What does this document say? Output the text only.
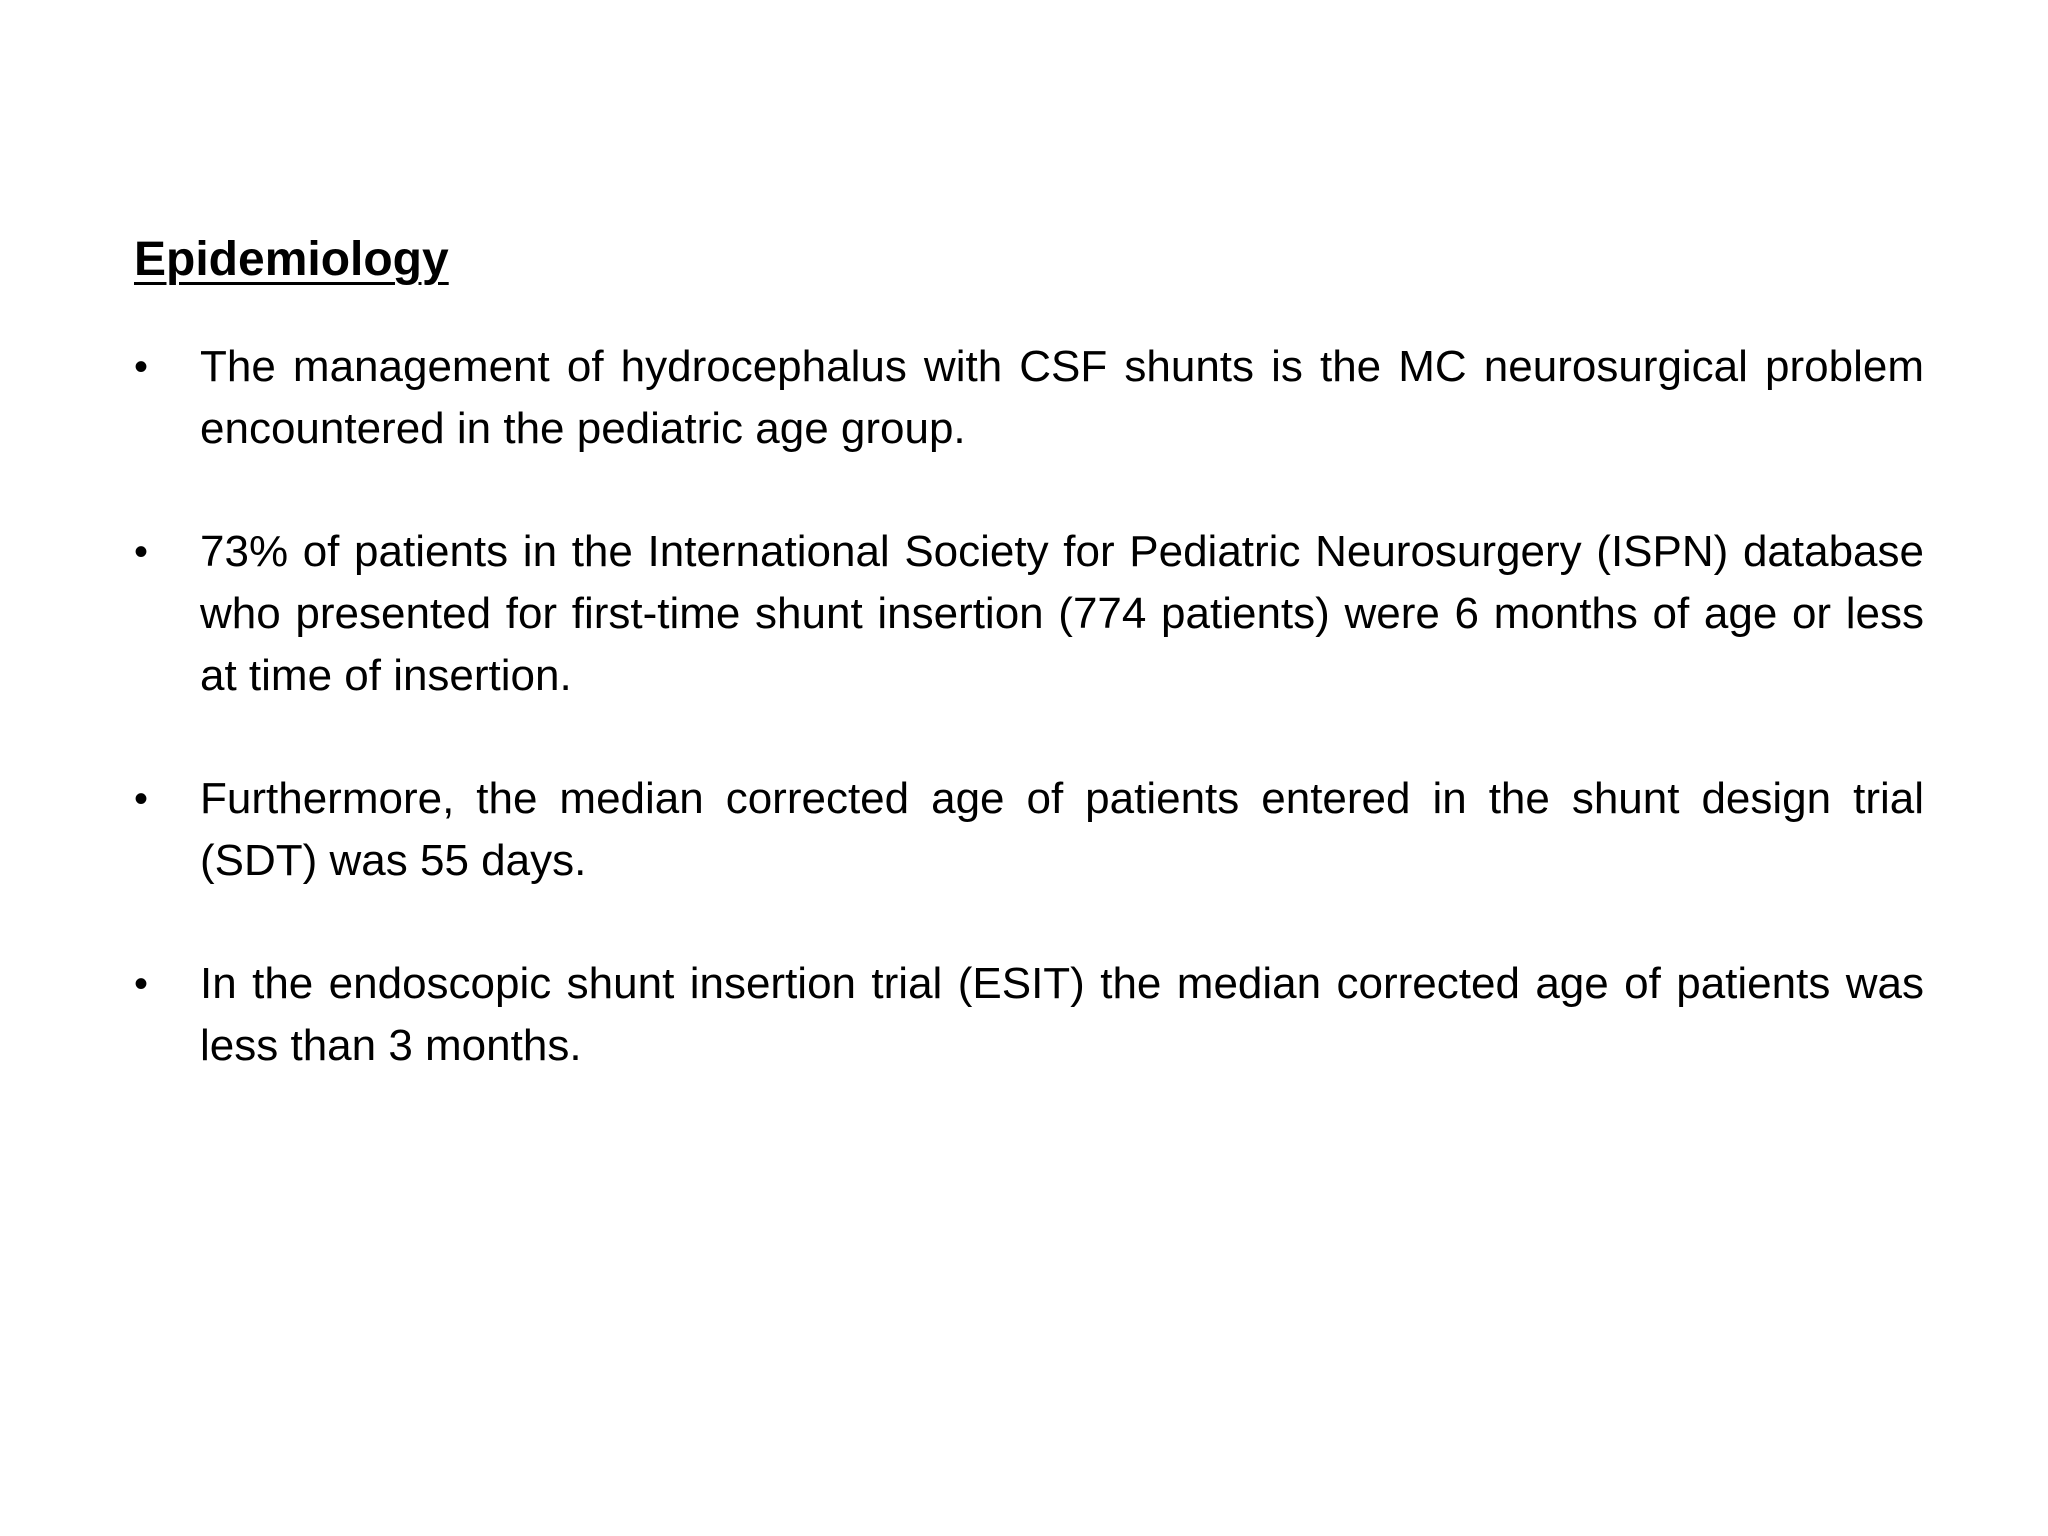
Epidemiology
•	The management of hydrocephalus with CSF shunts is the MC neurosurgical problem encountered in the pediatric age group.
•	73% of patients in the International Society for Pediatric Neurosurgery (ISPN) database who presented for first-time shunt insertion (774 patients) were 6 months of age or less at time of insertion.
•	Furthermore, the median corrected age of patients entered in the shunt design trial (SDT) was 55 days.
•	In the endoscopic shunt insertion trial (ESIT) the median corrected age of patients was less than 3 months.
